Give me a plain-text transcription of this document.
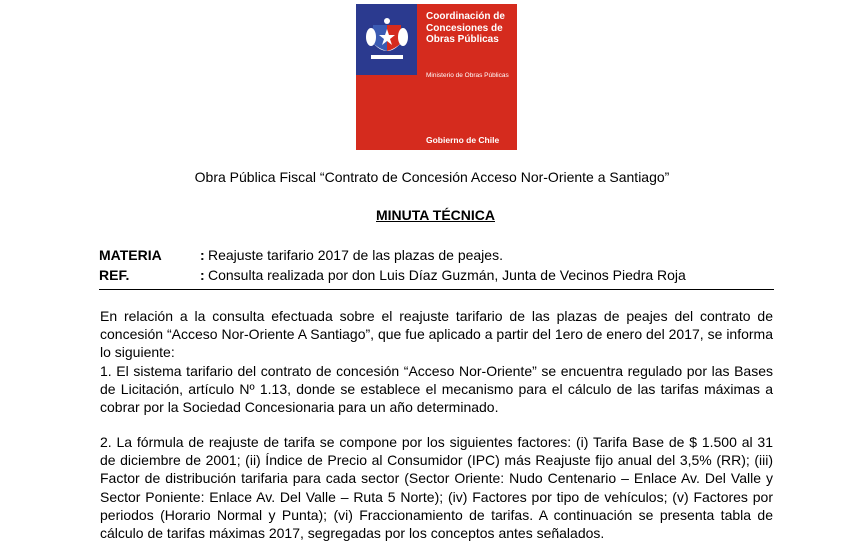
Coordinación de Concesiones de Obras Públicas
Ministerio de Obras Públicas
Gobierno de Chile
Obra Pública Fiscal “Contrato de Concesión Acceso Nor-Oriente a Santiago”
MINUTA TÉCNICA
MATERIA	: Reajuste tarifario 2017 de las plazas de peajes.
REF.	: Consulta realizada por don Luis Díaz Guzmán, Junta de Vecinos Piedra Roja

En relación a la consulta efectuada sobre el reajuste tarifario de las plazas de peajes del contrato de concesión “Acceso Nor-Oriente A Santiago”, que fue aplicado a partir del 1ero de enero del 2017, se informa lo siguiente:

1. El sistema tarifario del contrato de concesión “Acceso Nor-Oriente” se encuentra regulado por las Bases de Licitación, artículo Nº 1.13, donde se establece el mecanismo para el cálculo de las tarifas máximas a cobrar por la Sociedad Concesionaria para un año determinado.

2. La fórmula de reajuste de tarifa se compone por los siguientes factores: (i) Tarifa Base de $ 1.500 al 31 de diciembre de 2001; (ii) Índice de Precio al Consumidor (IPC) más Reajuste fijo anual del 3,5% (RR); (iii) Factor de distribución tarifaria para cada sector (Sector Oriente: Nudo Centenario – Enlace Av. Del Valle y Sector Poniente: Enlace Av. Del Valle – Ruta 5 Norte); (iv) Factores por tipo de vehículos; (v) Factores por periodos (Horario Normal y Punta); (vi) Fraccionamiento de tarifas. A continuación se presenta tabla de cálculo de tarifas máximas 2017, segregadas por los conceptos antes señalados.
